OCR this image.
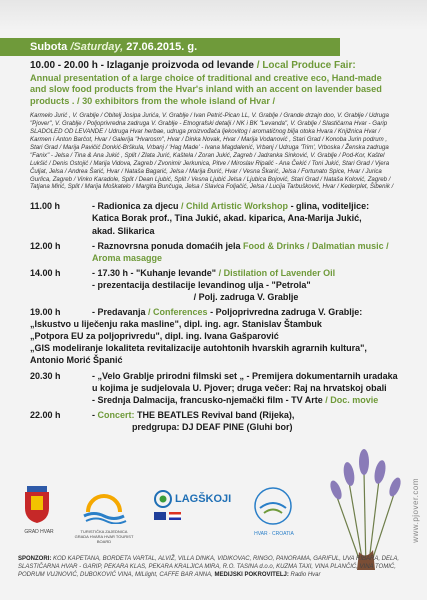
Subota /Saturday, 27.06.2015. g.
10.00 - 20.00 h - Izlaganje proizvoda od levande / Local Produce Fair:
Annual presentation of a large choice of traditional and creative eco, Hand-made and slow food products from the Hvar's inland with an accent on lavender based products . / 30 exhibitors from the whole island of Hvar /
Karmelo Jurić , V. Grablje / Obitelj Josipa Jurića, V. Grablje / Ivan Petrić-Pican LL, V. Grablje / Grande drzajn doo, V. Grablje / Udruga "Pjover", V. Grablje / Poljoprivredna zadruga V. Grablje - Etnografski detalji / NK i BK "Levanda", V. Grablje / Slastičarna Hvar - Garip SLADOLED OD LEVANDE / Udruga Hvar herbae, udruga proizvođača ljekovitog i aromatičnog bilja otoka Hvara / Knjižnica Hvar / Karmen i Anton Barčot, Hvar / Galerija "Hvarosm", Hvar / Dinka Novak, Hvar / Marija Vodanović , Stari Grad / Konoba Jurin podrum , Stari Grad / Marija Pavičić Donkić-Brškula, Vrbanj / 'Hag Made' - Ivana Magdalenić, Vrbanj / Udruga 'Trim', Vrboska / Ženska zadruga "Fanix" - Jelsa / Tina & Ana Jukić , Split / Zlata Jurić, Kaštela / Zoran Jukić, Zagreb / Jadranka Sinković, V. Grablje / Pod-Kor, Kaštel Lukšić / Denis Ostojić / Marija Vidova, Zagreb / Zvonimir Jerkunica, Pitve / Miroslav Ripalić - Ana Čekić / Toni Jukić, Stari Grad / Vjera Čuljat, Jelsa / Andrea Šarić, Hvar / Nataša Bagarić, Jelsa / Marija Đurić, Hvar / Vesna Škarić, Jelsa / Fortunato Spice, Hvar / Jurica Gurlica, Zagreb / Vinko Karadole, Split / Dean Ljubić, Split / Vesna Ljubić Jelsa / Ljubica Bojović, Stari Grad / Nataša Kolović, Zagreb / Tatjana Mirić, Split / Marija Moškatelo / Margita Bunčuga, Jelsa / Slavica Foljačić, Jelsa / Lucija Tarbušković, Hvar / Kederplet, Šibenik /
11.00 h	- Radionica za djecu / Child Artistic Workshop - glina, voditeljice:
Katica Borak prof., Tina Jukić, akad. kiparica, Ana-Marija Jukić,
akad. Slikarica
12.00 h	- Raznovrsna ponuda domaćih jela Food & Drinks / Dalmatian music / Aroma masagge
14.00 h	- 17.30 h - "Kuhanje levande" / Distilation of Lavender Oil
- prezentacija destilacije levandinog ulja - "Petrola"
/ Polj. zadruga V. Grablje
19.00 h	- Predavanja / Conferences - Poljoprivredna zadruga V. Grablje:
„Iskustvo u liječenju raka masline", dipl. ing. agr. Stanislav Štambuk
„Potpora EU za poljoprivredu", dipl. ing. Ivana Gašparović
„GIS modeliranje lokaliteta revitalizacije autohtonih hvarskih agrarnih kultura", Antonio Morić Španić
20.30 h	- „Velo Grablje prirodni filmski set „ - Premijera dokumentarnih uradaka u kojima je sudjelovala U. Pjover; druga večer: Raj na hrvatskoj obali
- Srednja Dalmacija, francusko-njemački film - TV Arte / Doc. movie
22.00 h	- Concert: THE BEATLES Revival band (Rijeka),
predgrupa: DJ DEAF PINE (Gluhi bor)
www.pjover.com
GRAD HVAR	TURISTIČKA ZAJEDNICA GRADA HVARA HVAR TOURIST BOARD
LAGŠKOJI
HVAR · CROATIA
SPONZORI: KOD KAPETANA, BORDETA VARTAL, ALVIŽ, VILLA DINKA, VIDIKOVAC, RINGO, PANORAMA, GARIFUL, UVA RIBARA, DELA, SLASTIČARNA HVAR - GARIP, PEKARA KLAS, PEKARA KRALJICA MIRA, R.O. TASINA d.o.o, KUZMA TAXI, VINA PLANČIĆ, VINA TOMIĆ, PODRUM VUJNOVIĆ, DUBOKOVIĆ VINA, MILlight, CAFFE BAR ANNA, MEDIJSKI POKROVITELJ: Radio Hvar
